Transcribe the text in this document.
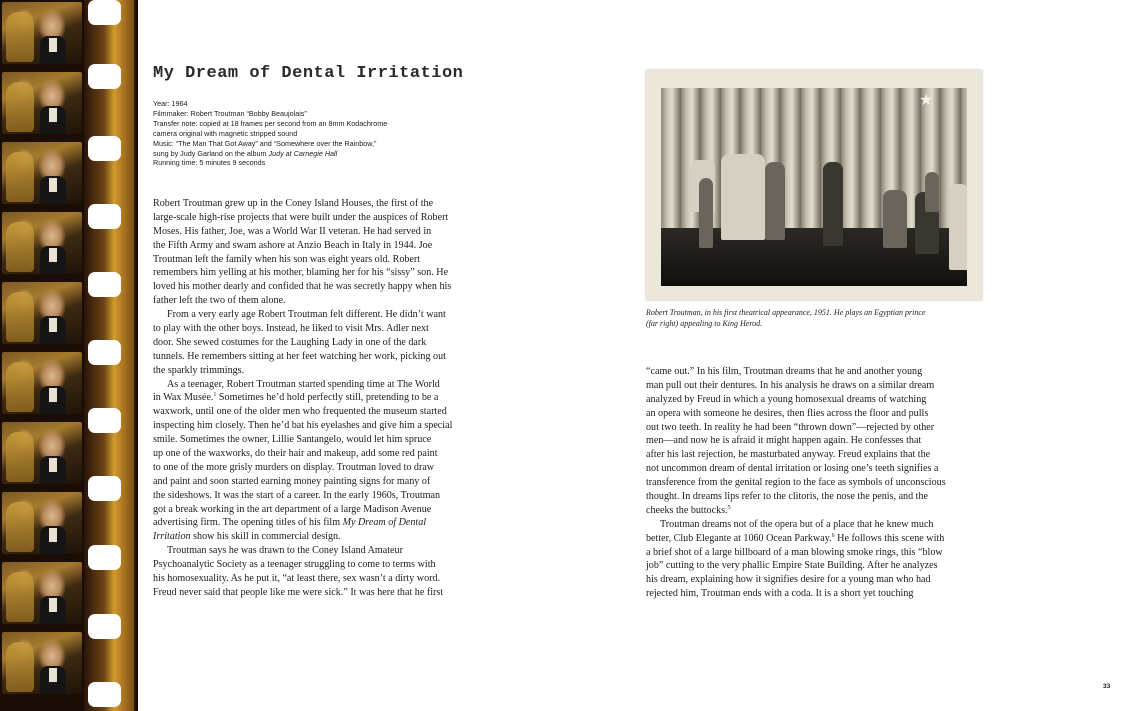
My Dream of Dental Irritation
Year: 1964
Filmmaker: Robert Troutman “Bobby Beaujolais”
Transfer note: copied at 18 frames per second from an 8mm Kodachrome
camera original with magnetic stripped sound
Music: “The Man That Got Away” and “Somewhere over the Rainbow,”
sung by Judy Garland on the album Judy at Carnegie Hall
Running time: 5 minutes 9 seconds
Robert Troutman grew up in the Coney Island Houses, the first of the
large-scale high-rise projects that were built under the auspices of Robert
Moses. His father, Joe, was a World War II veteran. He had served in
the Fifth Army and swam ashore at Anzio Beach in Italy in 1944. Joe
Troutman left the family when his son was eight years old. Robert
remembers him yelling at his mother, blaming her for his “sissy” son. He
loved his mother dearly and confided that he was secretly happy when his
father left the two of them alone.
From a very early age Robert Troutman felt different. He didn’t want
to play with the other boys. Instead, he liked to visit Mrs. Adler next
door. She sewed costumes for the Laughing Lady in one of the dark
tunnels. He remembers sitting at her feet watching her work, picking out
the sparkly trimmings.
As a teenager, Robert Troutman started spending time at The World
in Wax Musée.$^1$ Sometimes he’d hold perfectly still, pretending to be a
waxwork, until one of the older men who frequented the museum started
inspecting him closely. Then he’d bat his eyelashes and give him a special
smile. Sometimes the owner, Lillie Santangelo, would let him spruce
up one of the waxworks, do their hair and makeup, add some red paint
to one of the more grisly murders on display. Troutman loved to draw
and paint and soon started earning money painting signs for many of
the sideshows. It was the start of a career. In the early 1960s, Troutman
got a break working in the art department of a large Madison Avenue
advertising firm. The opening titles of his film My Dream of Dental
Irritation show his skill in commercial design.
Troutman says he was drawn to the Coney Island Amateur
Psychoanalytic Society as a teenager struggling to come to terms with
his homosexuality. As he put it, “at least there, sex wasn’t a dirty word.
Freud never said that people like me were sick.” It was here that he first
★
Robert Troutman, in his first theatrical appearance, 1951. He plays an Egyptian prince
(far right) appealing to King Herod.
“came out.” In his film, Troutman dreams that he and another young
man pull out their dentures. In his analysis he draws on a similar dream
analyzed by Freud in which a young homosexual dreams of watching
an opera with someone he desires, then flies across the floor and pulls
out two teeth. In reality he had been “thrown down”—rejected by other
men—and now he is afraid it might happen again. He confesses that
after his last rejection, he masturbated anyway. Freud explains that the
not uncommon dream of dental irritation or losing one’s teeth signifies a
transference from the genital region to the face as symbols of unconscious
thought. In dreams lips refer to the clitoris, the nose the penis, and the
cheeks the buttocks.$^5$
Troutman dreams not of the opera but of a place that he knew much
better, Club Elegante at 1060 Ocean Parkway.$^6$ He follows this scene with
a brief shot of a large billboard of a man blowing smoke rings, this “blow
job” cutting to the very phallic Empire State Building. After he analyzes
his dream, explaining how it signifies desire for a young man who had
rejected him, Troutman ends with a coda. It is a short yet touching
33
